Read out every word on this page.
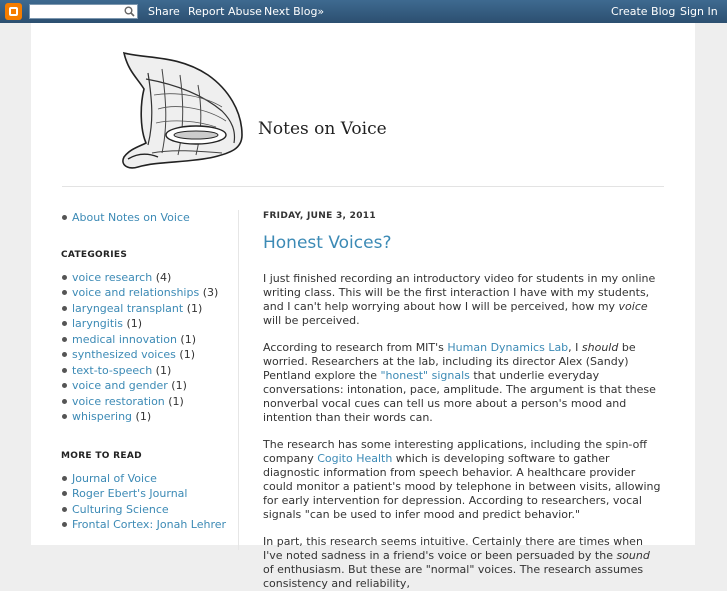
Share Report Abuse Next Blog»	Create Blog Sign In
Notes on Voice
About Notes on Voice
CATEGORIES
voice research (4)
voice and relationships (3)
laryngeal transplant (1)
laryngitis (1)
medical innovation (1)
synthesized voices (1)
text-to-speech (1)
voice and gender (1)
voice restoration (1)
whispering (1)
MORE TO READ
Journal of Voice
Roger Ebert's Journal
Culturing Science
Frontal Cortex: Jonah Lehrer
FRIDAY, JUNE 3, 2011
Honest Voices?

I just finished recording an introductory video for students in my online writing class. This will be the first interaction I have with my students, and I can't help worrying about how I will be perceived, how my voice will be perceived.

According to research from MIT's Human Dynamics Lab, I should be worried. Researchers at the lab, including its director Alex (Sandy) Pentland explore the "honest" signals that underlie everyday conversations: intonation, pace, amplitude. The argument is that these nonverbal vocal cues can tell us more about a person's mood and intention than their words can.

The research has some interesting applications, including the spin-off company Cogito Health which is developing software to gather diagnostic information from speech behavior. A healthcare provider could monitor a patient's mood by telephone in between visits, allowing for early intervention for depression. According to researchers, vocal signals "can be used to infer mood and predict behavior."

In part, this research seems intuitive. Certainly there are times when I've noted sadness in a friend's voice or been persuaded by the sound of enthusiasm. But these are "normal" voices. The research assumes consistency and reliability,
